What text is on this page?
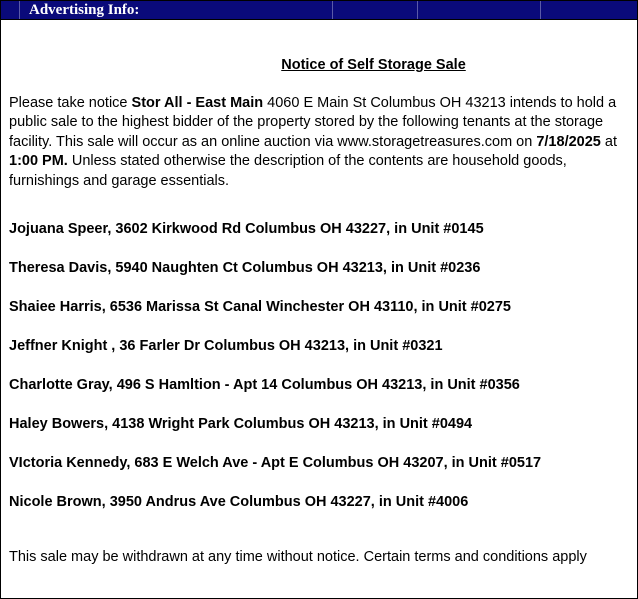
Advertising Info:
Notice of Self Storage Sale

Please take notice Stor All - East Main 4060 E Main St Columbus OH 43213 intends to hold a public sale to the highest bidder of the property stored by the following tenants at the storage facility. This sale will occur as an online auction via www.storagetreasures.com on 7/18/2025 at 1:00 PM. Unless stated otherwise the description of the contents are household goods, furnishings and garage essentials.

Jojuana Speer, 3602 Kirkwood Rd Columbus OH 43227, in Unit #0145
Theresa Davis, 5940 Naughten Ct Columbus OH 43213, in Unit #0236
Shaiee Harris, 6536 Marissa St Canal Winchester OH 43110, in Unit #0275
Jeffner Knight , 36 Farler Dr Columbus OH 43213, in Unit #0321
Charlotte Gray, 496 S Hamltion - Apt 14 Columbus OH 43213, in Unit #0356
Haley Bowers, 4138 Wright Park Columbus OH 43213, in Unit #0494
VIctoria Kennedy, 683 E Welch Ave - Apt E Columbus OH 43207, in Unit #0517
Nicole Brown, 3950 Andrus Ave Columbus OH 43227, in Unit #4006

This sale may be withdrawn at any time without notice. Certain terms and conditions apply
